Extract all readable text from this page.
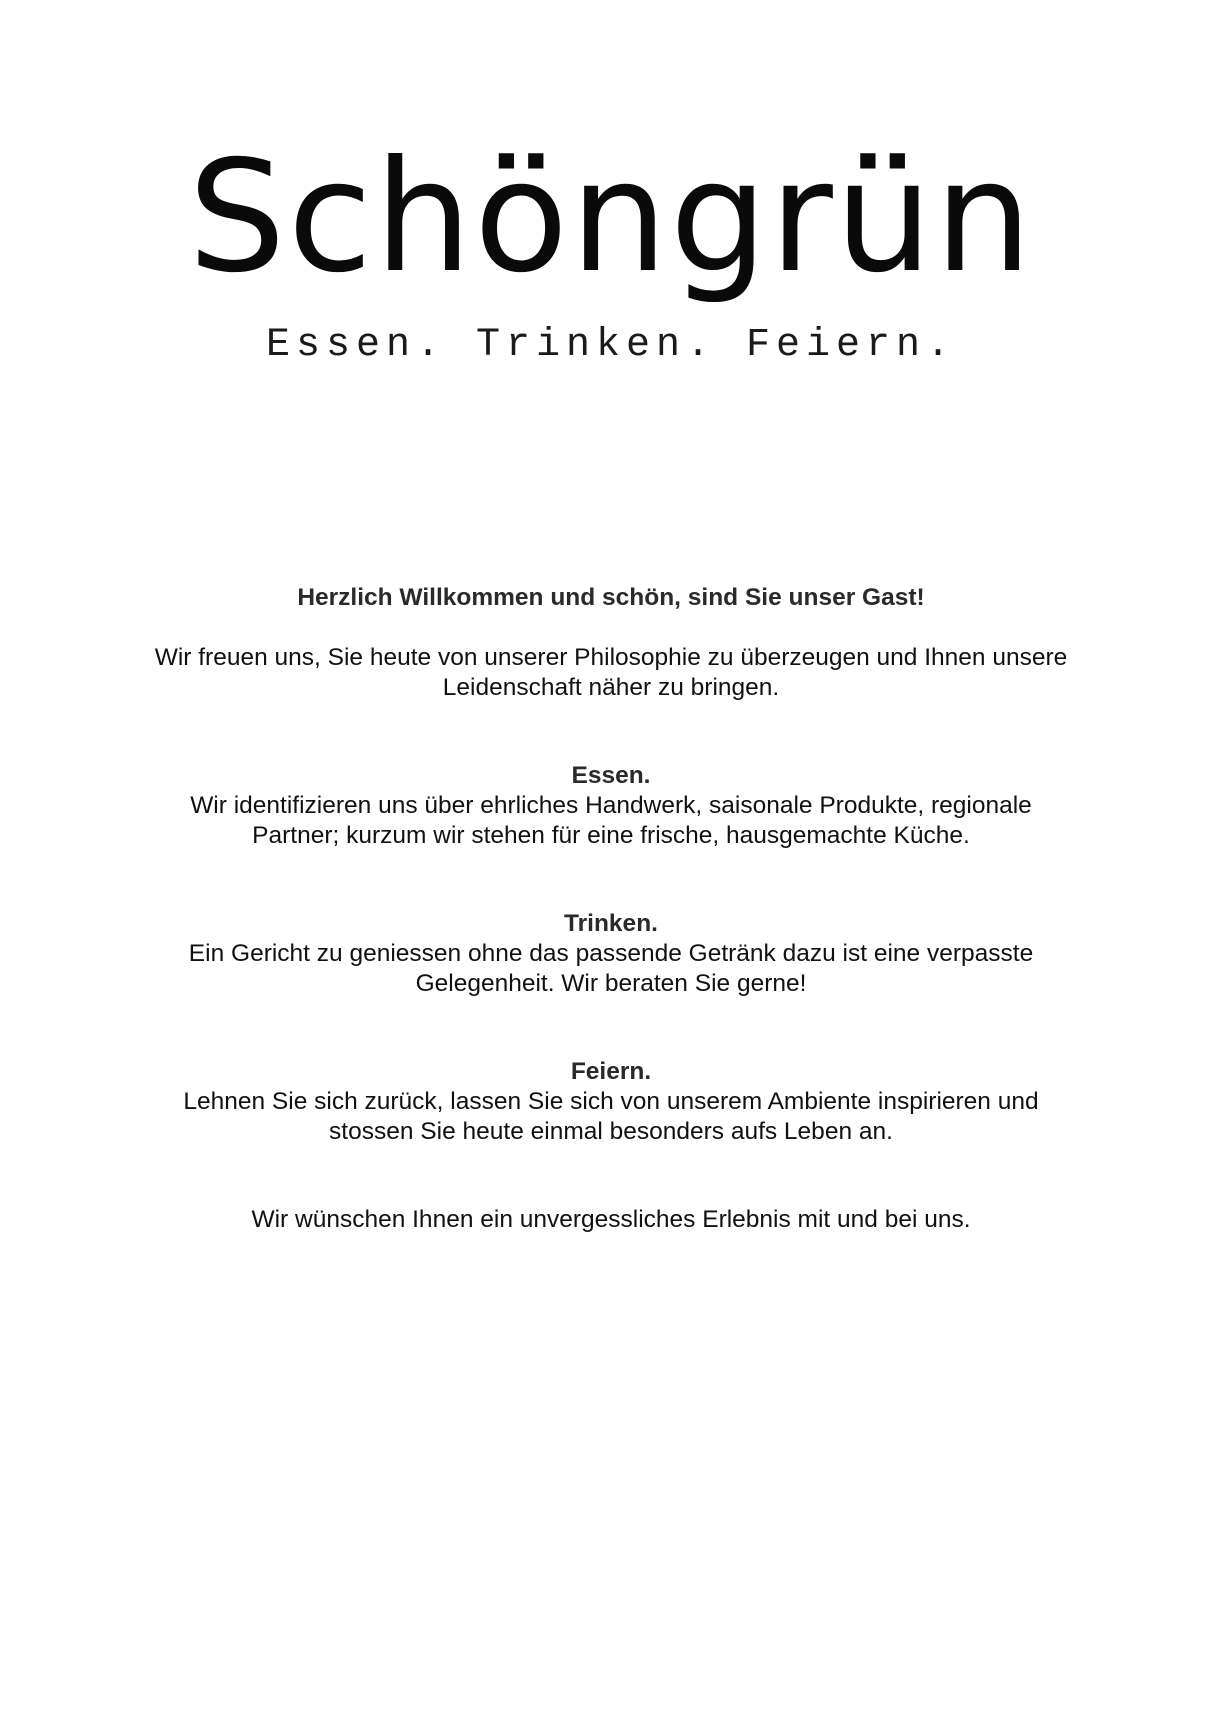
Schöngrün

Essen. Trinken. Feiern.

Herzlich Willkommen und schön, sind Sie unser Gast!

Wir freuen uns, Sie heute von unserer Philosophie zu überzeugen und Ihnen unsere
Leidenschaft näher zu bringen.

Essen.

Wir identifizieren uns über ehrliches Handwerk, saisonale Produkte, regionale
Partner; kurzum wir stehen für eine frische, hausgemachte Küche.

Trinken.

Ein Gericht zu geniessen ohne das passende Getränk dazu ist eine verpasste
Gelegenheit. Wir beraten Sie gerne!

Feiern.

Lehnen Sie sich zurück, lassen Sie sich von unserem Ambiente inspirieren und
stossen Sie heute einmal besonders aufs Leben an.

Wir wünschen Ihnen ein unvergessliches Erlebnis mit und bei uns.
